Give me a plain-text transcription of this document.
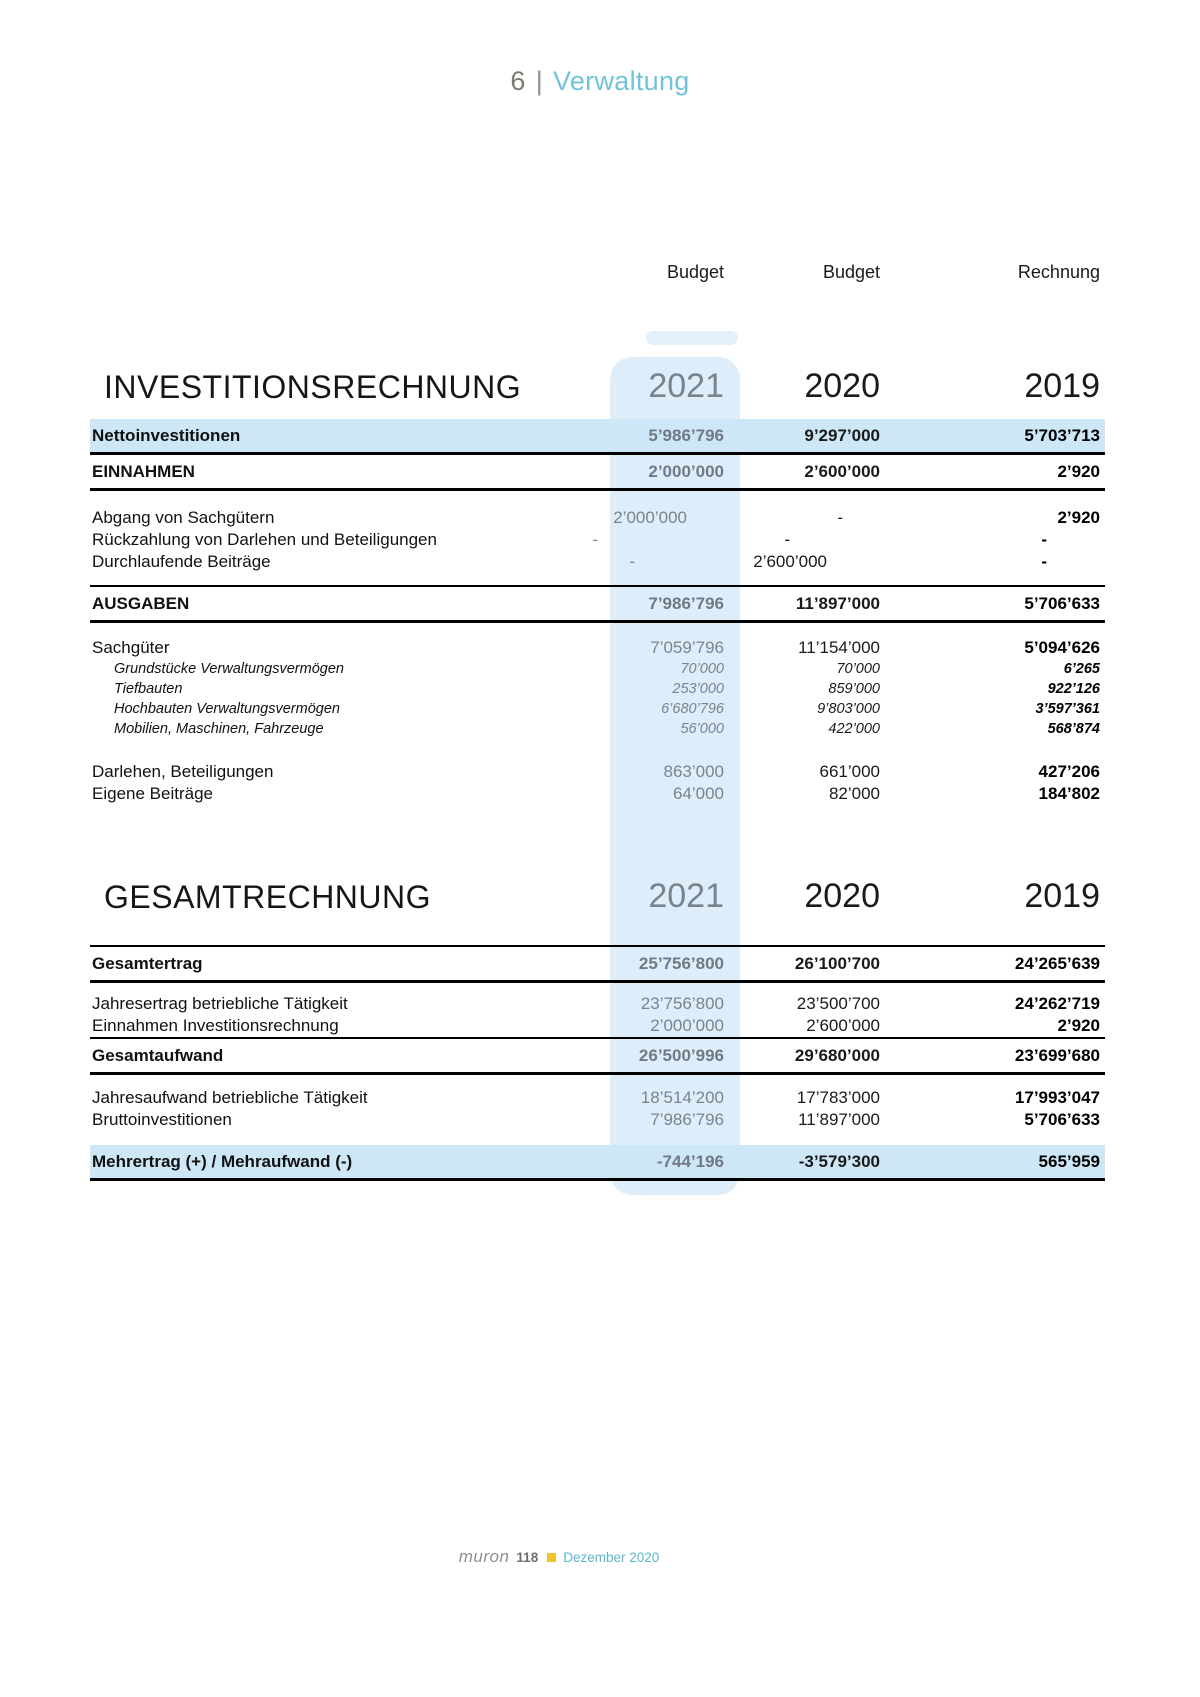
6 | Verwaltung
Budget	Budget	Rechnung
INVESTITIONSRECHNUNG	2021	2020	2019
Nettoinvestitionen	5’986’796	9’297’000	5’703’713
EINNAHMEN	2’000’000	2’600’000	2’920
Abgang von Sachgütern	2’000’000	-	2’920
Rückzahlung von Darlehen und Beteiligungen	-	-	-
Durchlaufende Beiträge	-	2’600’000	-
AUSGABEN	7’986’796	11’897’000	5’706’633
Sachgüter	7’059’796	11’154’000	5’094’626
Grundstücke Verwaltungsvermögen	70’000	70’000	6’265
Tiefbauten	253’000	859’000	922’126
Hochbauten Verwaltungsvermögen	6’680’796	9’803’000	3’597’361
Mobilien, Maschinen, Fahrzeuge	56’000	422’000	568’874
Darlehen, Beteiligungen	863’000	661’000	427’206
Eigene Beiträge	64’000	82’000	184’802
GESAMTRECHNUNG	2021	2020	2019
Gesamtertrag	25’756’800	26’100’700	24’265’639
Jahresertrag betriebliche Tätigkeit	23’756’800	23’500’700	24’262’719
Einnahmen Investitionsrechnung	2’000’000	2’600’000	2’920
Gesamtaufwand	26’500’996	29’680’000	23’699’680
Jahresaufwand betriebliche Tätigkeit	18’514’200	17’783’000	17’993’047
Bruttoinvestitionen	7’986’796	11’897’000	5’706’633
Mehrertrag (+) / Mehraufwand (-)	-744’196	-3’579’300	565’959
muron 118 Dezember 2020
